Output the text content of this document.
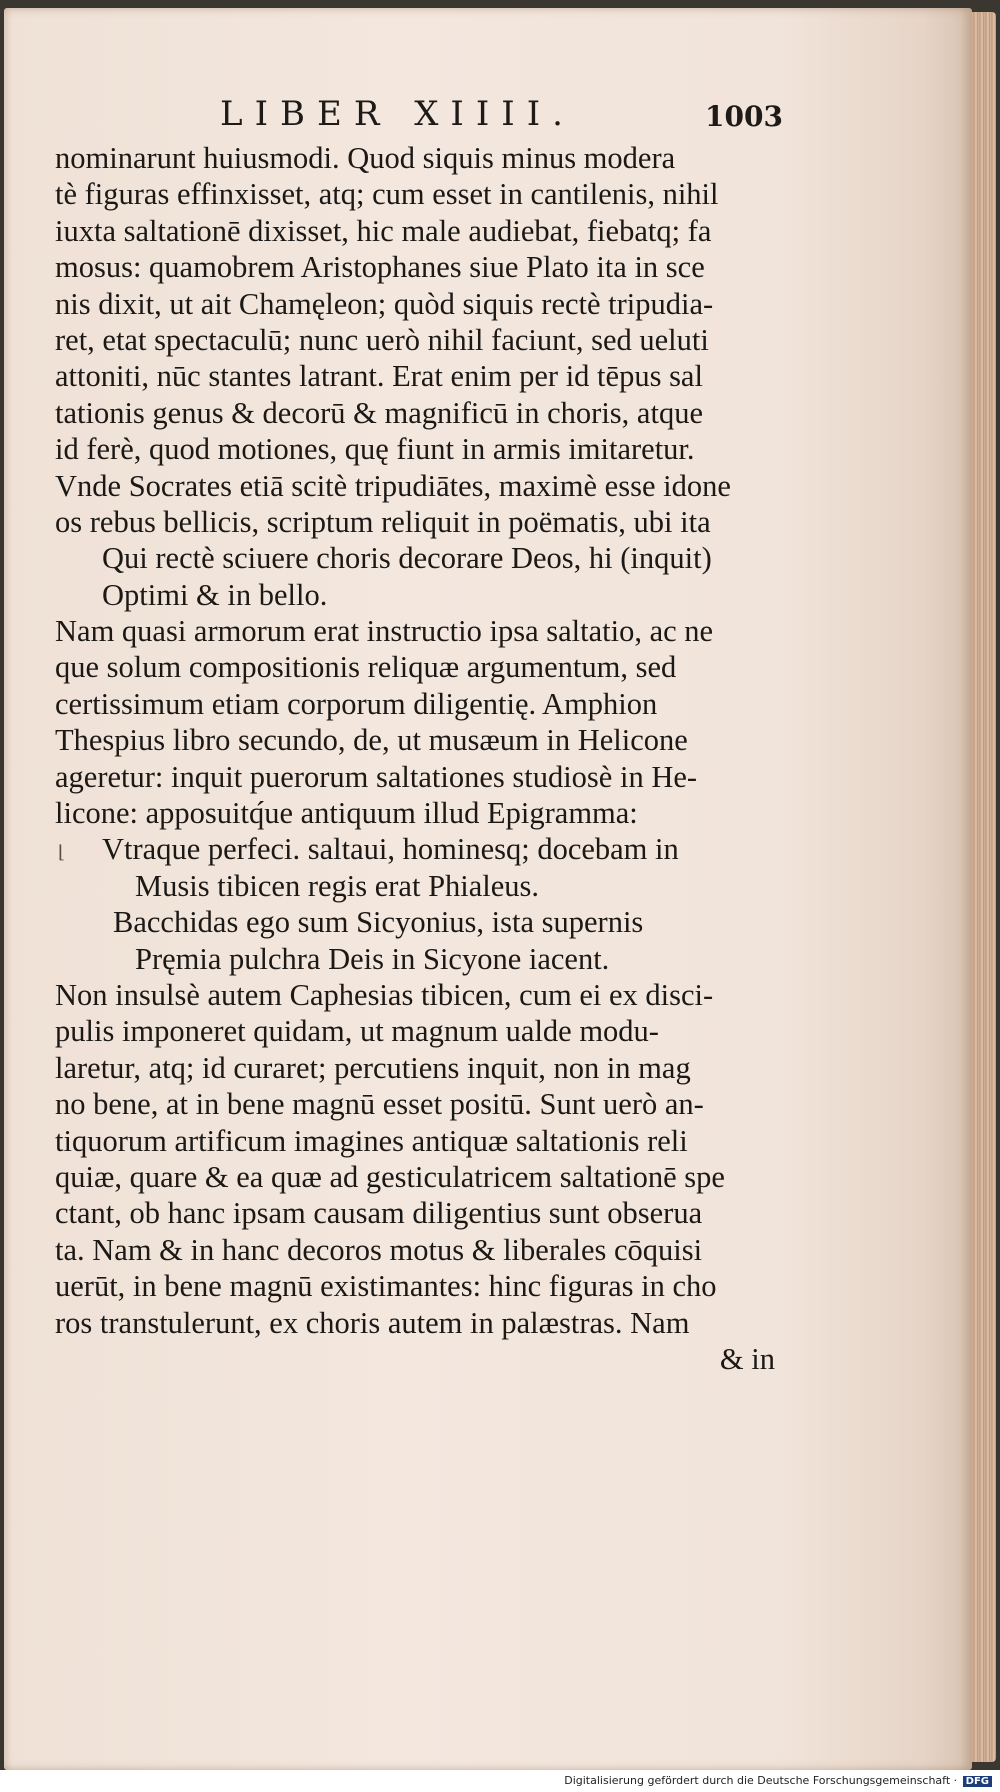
LIBER XIIII.	1003
⌊
nominarunt huiusmodi. Quod siquis minus modera
tè figuras effinxisset, atq; cum esset in cantilenis, nihil
iuxta saltationē dixisset, hic male audiebat, fiebatq; fa
mosus: quamobrem Aristophanes siue Plato ita in sce
nis dixit, ut ait Chamęleon; quòd siquis rectè tripudia-
ret, etat spectaculū; nunc uerò nihil faciunt, sed ueluti
attoniti, nūc stantes latrant. Erat enim per id tēpus sal
tationis genus & decorū & magnificū in choris, atque
id ferè, quod motiones, quę fiunt in armis imitaretur.
Vnde Socrates etiā scitè tripudiātes, maximè esse idone
os rebus bellicis, scriptum reliquit in poëmatis, ubi ita
Qui rectè sciuere choris decorare Deos, hi (inquit)
Optimi & in bello.
Nam quasi armorum erat instructio ipsa saltatio, ac ne
que solum compositionis reliquæ argumentum, sed
certissimum etiam corporum diligentię. Amphion
Thespius libro secundo, de, ut musæum in Helicone
ageretur: inquit puerorum saltationes studiosè in He-
licone: apposuitq́ue antiquum illud Epigramma:
Vtraque perfeci. saltaui, hominesq; docebam in
Musis tibicen regis erat Phialeus.
Bacchidas ego sum Sicyonius, ista supernis
Pręmia pulchra Deis in Sicyone iacent.
Non insulsè autem Caphesias tibicen, cum ei ex disci-
pulis imponeret quidam, ut magnum ualde modu-
laretur, atq; id curaret; percutiens inquit, non in mag
no bene, at in bene magnū esset positū. Sunt uerò an-
tiquorum artificum imagines antiquæ saltationis reli
quiæ, quare & ea quæ ad gesticulatricem saltationē spe
ctant, ob hanc ipsam causam diligentius sunt obserua
ta. Nam & in hanc decoros motus & liberales cōquisi
uerūt, in bene magnū existimantes: hinc figuras in cho
ros transtulerunt, ex choris autem in palæstras. Nam
& in
Digitalisierung gefördert durch die Deutsche Forschungsgemeinschaft · DFG
